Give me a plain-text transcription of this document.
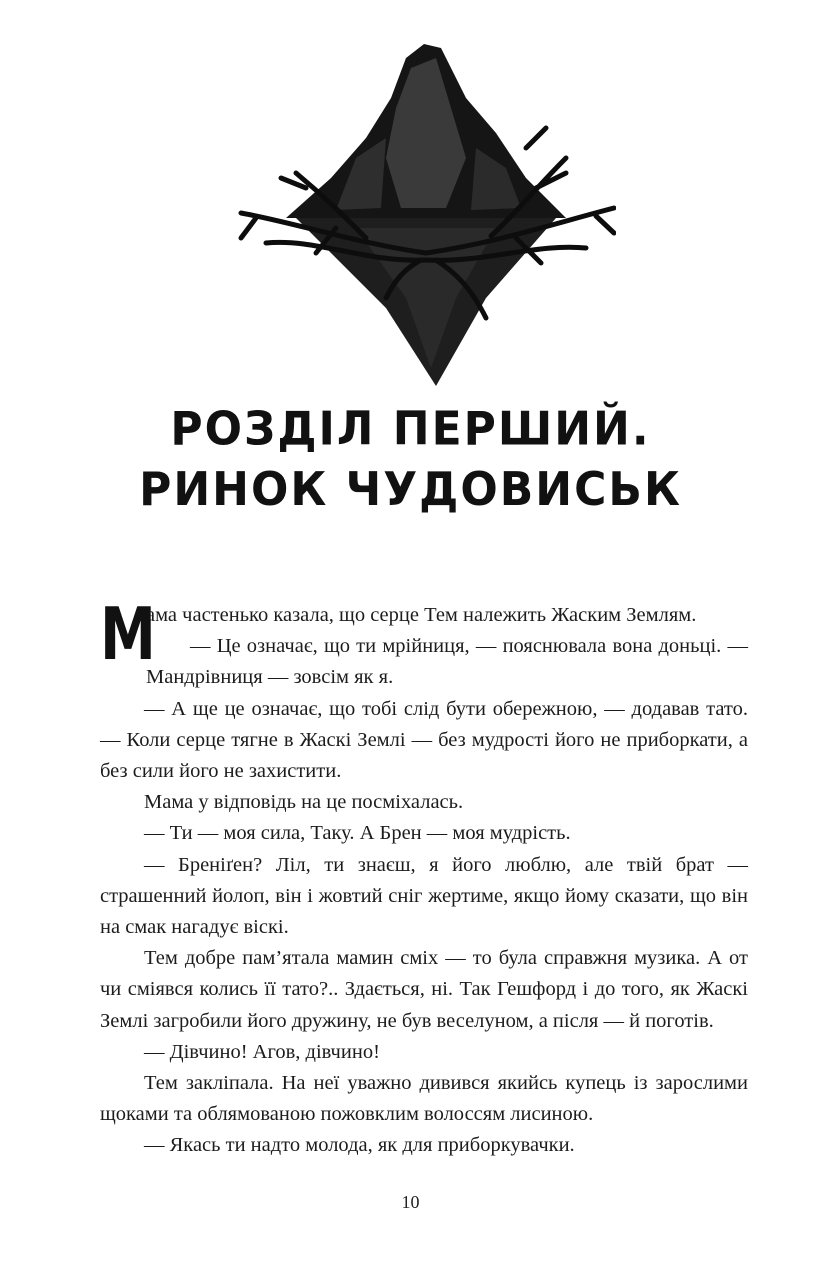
РОЗДІЛ ПЕРШИЙ.
РИНОК ЧУДОВИСЬК

М
ама частенько казала, що серце Тем належить Жаским Землям.

— Це означає, що ти мрійниця, — пояснювала вона доньці. — Мандрівниця — зовсім як я.

— А ще це означає, що тобі слід бути обережною, — додавав тато. — Коли серце тягне в Жаскі Землі — без мудрості його не приборкати, а без сили його не захистити.

Мама у відповідь на це посміхалась.

— Ти — моя сила, Таку. А Брен — моя мудрість.

— Бреніґен? Ліл, ти знаєш, я його люблю, але твій брат — страшенний йолоп, він і жовтий сніг жертиме, якщо йому сказати, що він на смак нагадує віскі.

Тем добре пам’ятала мамин сміх — то була справжня музика. А от чи сміявся колись її тато?.. Здається, ні. Так Гешфорд і до того, як Жаскі Землі загробили його дружину, не був веселуном, а після — й поготів.

— Дівчино! Агов, дівчино!

Тем закліпала. На неї уважно дивився якийсь купець із зарослими щоками та облямованою пожовклим волоссям лисиною.

— Якась ти надто молода, як для приборкувачки.

10
